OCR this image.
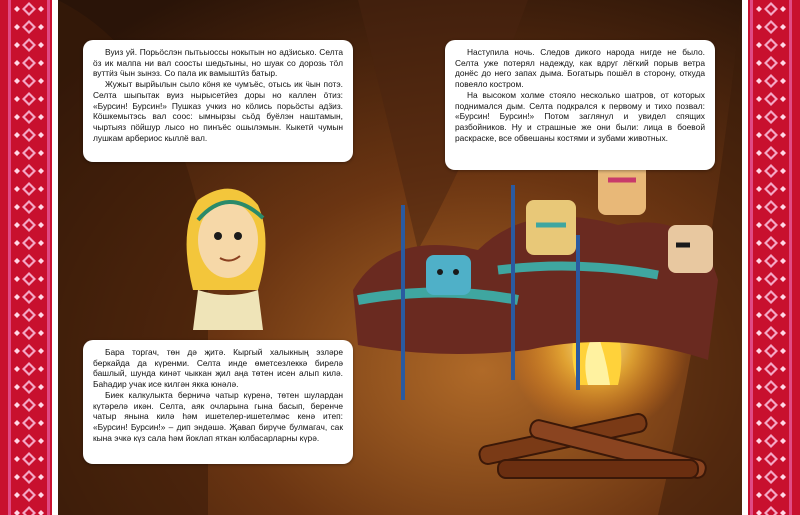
Вуиз уй. Порьӧслэн пытьыоссы нокытын но адӟисько. Селта ӧз ик малпа ни вал соосты шедьтыны, но шуак со дорозь тӧл вуттӥз ӵын зынэз. Со пала ик вамыштӥз батыр.

Жужыт вырйылын сыло кӧня ке чумъёс, отысь ик ӵын потэ. Селта шыпытак вуиз нырысетӥез доры но каллен ӧтиз: «Бурсин! Бурсин!» Пушказ учкиз но кӧлись порьӧсты адӟиз. Кӧшкемытэсь вал соос: ымнырзы сьӧд буёлэн наштамын, чыртыяз пӧйшур лысо но пинъёс ошылэмын. Кыкетӥ чумын лушкам арбериос кыллё вал.

Наступила ночь. Следов дикого народа нигде не было. Селта уже потерял надежду, как вдруг лёгкий порыв ветра донёс до него запах дыма. Богатырь пошёл в сторону, откуда повеяло костром.

На высоком холме стояло несколько шатров, от которых поднимался дым. Селта подкрался к первому и тихо позвал: «Бурсин! Бурсин!» Потом заглянул и увидел спящих разбойников. Ну и страшные же они были: лица в боевой раскраске, все обвешаны костями и зубами животных.

Бара торгач, төн дә җитә. Кыргый халыкның эзләре беркайда да күренми. Селта инде өметсезлеккә бирелә башлый, шунда кинәт чыккан җил аңа төтен исен алып килә. Баһадир учак исе килгән якка юнәлә.

Биек калкулыкта берничә чатыр күренә, төтен шулардан күтәрелә икән. Селта, аяк очларына гына басып, беренче чатыр янына килә һәм ишетелер-ишетелмәс кенә итеп: «Бурсин! Бурсин!» – дип эндәшә. Җавап бирүче булмагач, сак кына эчкә күз сала һәм йоклап яткан юлбасарларны күрә.
